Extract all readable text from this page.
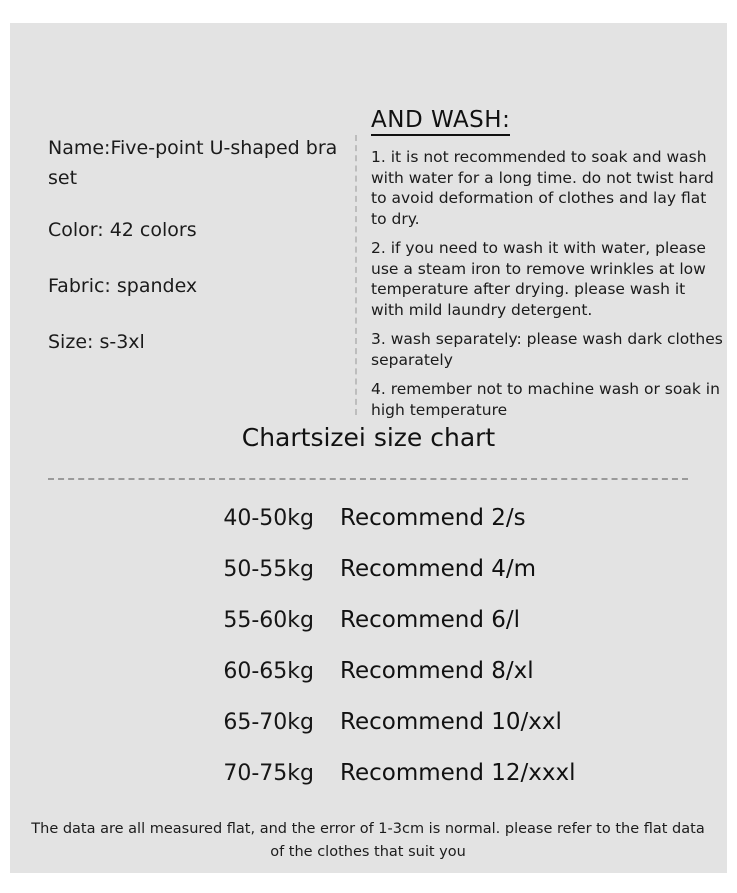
Name:Five-point U-shaped bra set
Color: 42 colors
Fabric: spandex
Size: s-3xl
AND WASH:
1. it is not recommended to soak and wash with water for a long time. do not twist hard to avoid deformation of clothes and lay flat to dry.
2. if you need to wash it with water, please use a steam iron to remove wrinkles at low temperature after drying. please wash it with mild laundry detergent.
3. wash separately: please wash dark clothes separately
4. remember not to machine wash or soak in high temperature
Chartsizei size chart
40-50kg	Recommend 2/s
50-55kg	Recommend 4/m
55-60kg	Recommend 6/l
60-65kg	Recommend 8/xl
65-70kg	Recommend 10/xxl
70-75kg	Recommend 12/xxxl
The data are all measured flat, and the error of 1-3cm is normal. please refer to the flat data of the clothes that suit you
